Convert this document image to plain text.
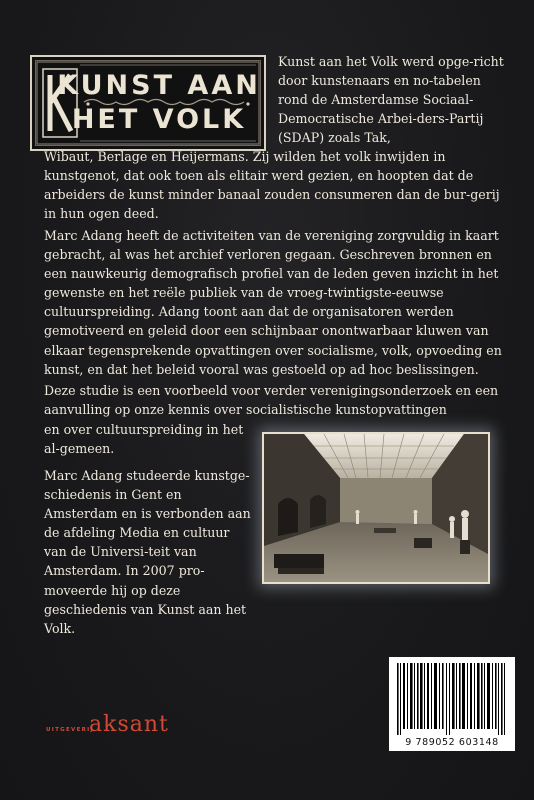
KUNST AAN
HET VOLK

Kunst aan het Volk werd opge-richt door kunstenaars en no-tabelen rond de Amsterdamse Sociaal-Democratische Arbei-ders-Partij (SDAP) zoals Tak,

Wibaut, Berlage en Heijermans. Zij wilden het volk inwijden in kunstgenot, dat ook toen als elitair werd gezien, en hoopten dat de arbeiders de kunst minder banaal zouden consumeren dan de bur-gerij in hun ogen deed.

Marc Adang heeft de activiteiten van de vereniging zorgvuldig in kaart gebracht, al was het archief verloren gegaan. Geschreven bronnen en een nauwkeurig demografisch profiel van de leden geven inzicht in het gewenste en het reële publiek van de vroeg-twintigste-eeuwse cultuurspreiding. Adang toont aan dat de organisatoren werden gemotiveerd en geleid door een schijnbaar onontwarbaar kluwen van elkaar tegensprekende opvattingen over socialisme, volk, opvoeding en kunst, en dat het beleid vooral was gestoeld op ad hoc beslissingen.

Deze studie is een voorbeeld voor verder verenigingsonderzoek en een aanvulling op onze kennis over socialistische kunstopvattingen

en over cultuurspreiding in het al-gemeen.

Marc Adang studeerde kunstge-schiedenis in Gent en Amsterdam en is verbonden aan de afdeling Media en cultuur van de Universi-teit van Amsterdam. In 2007 pro-moveerde hij op deze geschiedenis van Kunst aan het Volk.

9 789052 603148
UITGEVERIJ
aksant
